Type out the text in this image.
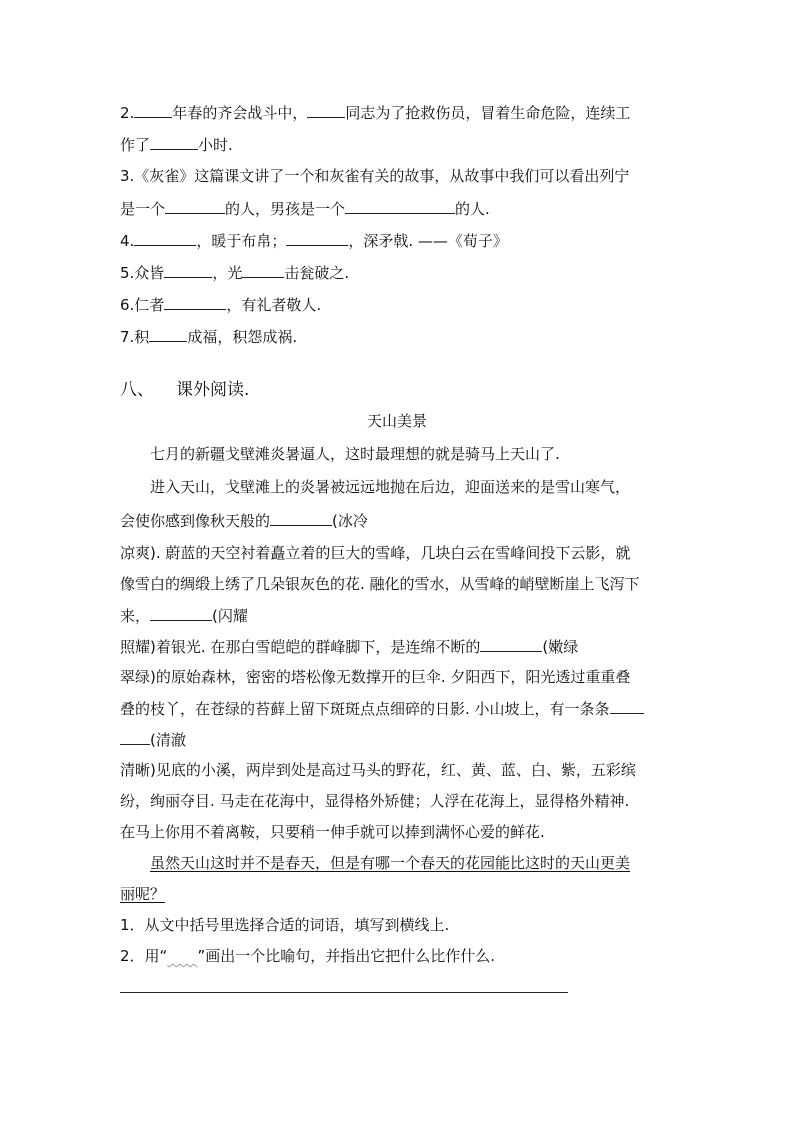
2.	年春的齐会战斗中，	同志为了抢救伤员，冒着生命危险，连续工
作了	小时.
3.《灰雀》这篇课文讲了一个和灰雀有关的故事，从故事中我们可以看出列宁
是一个	的人，男孩是一个	的人.
4.	，暖于布帛；	，深矛戟. ——《荀子》
5.众皆	，光	击瓮破之.
6.仁者	，有礼者敬人.
7.积	成福，积怨成祸.
八、 课外阅读.
天山美景
七月的新疆戈壁滩炎暑逼人，这时最理想的就是骑马上天山了.
进入天山，戈壁滩上的炎暑被远远地抛在后边，迎面送来的是雪山寒气，
会使你感到像秋天般的	(冰冷
凉爽). 蔚蓝的天空衬着矗立着的巨大的雪峰，几块白云在雪峰间投下云影，就
像雪白的绸缎上绣了几朵银灰色的花. 融化的雪水，从雪峰的峭壁断崖上飞泻下
来，	(闪耀
照耀)着银光. 在那白雪皑皑的群峰脚下，是连绵不断的	(嫩绿
翠绿)的原始森林，密密的塔松像无数撑开的巨伞. 夕阳西下，阳光透过重重叠
叠的枝丫，在苍绿的苔藓上留下斑斑点点细碎的日影. 小山坡上，有一条条
(清澈
清晰)见底的小溪，两岸到处是高过马头的野花，红、黄、蓝、白、紫，五彩缤
纷，绚丽夺目. 马走在花海中，显得格外矫健；人浮在花海上，显得格外精神.
在马上你用不着离鞍，只要稍一伸手就可以捧到满怀心爱的鲜花.
虽然天山这时并不是春天，但是有哪一个春天的花园能比这时的天山更美
丽呢？
1．从文中括号里选择合适的词语，填写到横线上.
2．用“~~~~”画出一个比喻句，并指出它把什么比作什么.
